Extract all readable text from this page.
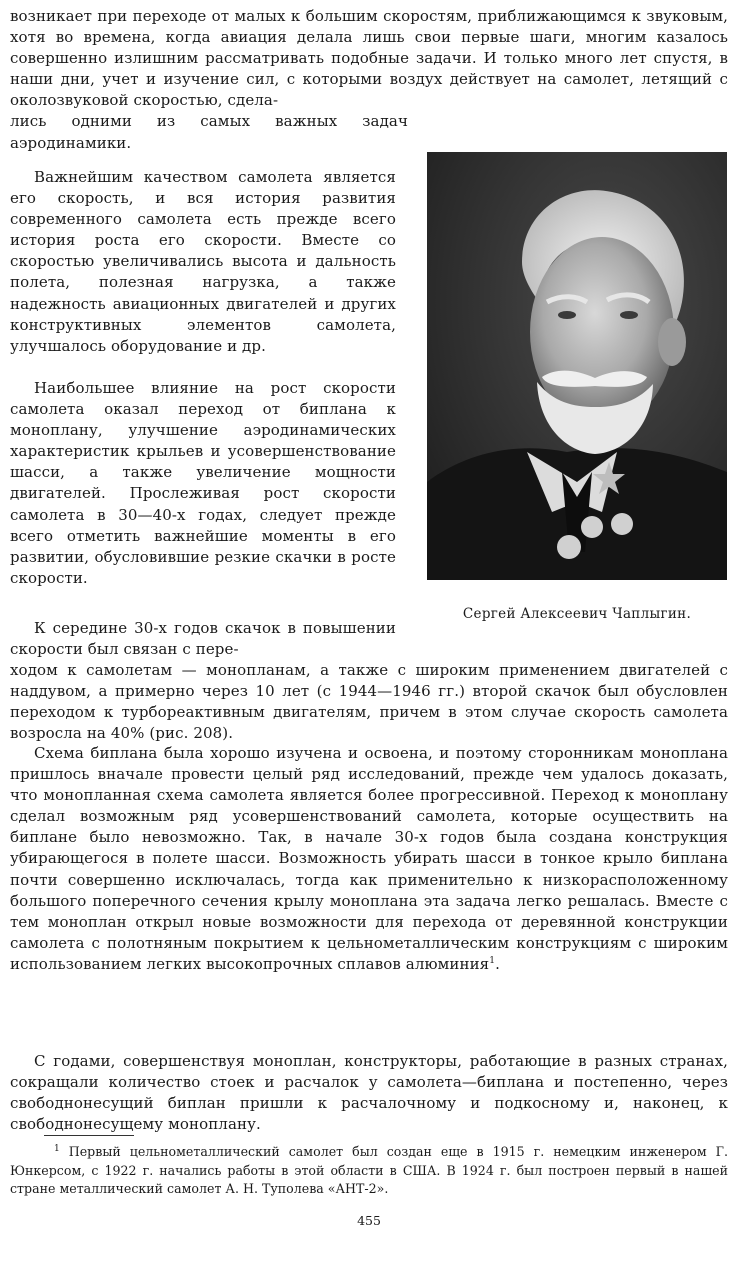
возникает при переходе от малых к большим скоростям, приближающимся к звуковым, хотя во времена, когда авиация делала лишь свои первые шаги, многим казалось совершенно излишним рассматривать подобные задачи. И только много лет спустя, в наши дни, учет и изучение сил, с которыми воздух действует на самолет, летящий с околозвуковой скоростью, сдела-
лись одними из самых важных задач аэродинамики.

Важнейшим качеством самолета является его скорость, и вся история развития современного самолета есть прежде всего история роста его скорости. Вместе со скоростью увеличивались высота и дальность полета, полезная нагрузка, а также надежность авиационных двигателей и других конструктивных элементов самолета, улучшалось оборудование и др.

Наибольшее влияние на рост скорости самолета оказал переход от биплана к моноплану, улучшение аэродинамических характеристик крыльев и усовершенствование шасси, а также увеличение мощности двигателей. Прослеживая рост скорости самолета в 30—40-х годах, следует прежде всего отметить важнейшие моменты в его развитии, обусловившие резкие скачки в росте скорости.

К середине 30-х годов скачок в повышении скорости был связан с пере-
ходом к самолетам — монопланам, а также с широким применением двигателей с наддувом, а примерно через 10 лет (с 1944—1946 гг.) второй скачок был обусловлен переходом к турбореактивным двигателям, причем в этом случае скорость самолета возросла на 40% (рис. 208).

Схема биплана была хорошо изучена и освоена, и поэтому сторонникам моноплана пришлось вначале провести целый ряд исследований, прежде чем удалось доказать, что монопланная схема самолета является более прогрессивной. Переход к моноплану сделал возможным ряд усовершенствований самолета, которые осуществить на биплане было невозможно. Так, в начале 30-х годов была создана конструкция убирающегося в полете шасси. Возможность убирать шасси в тонкое крыло биплана почти совершенно исключалась, тогда как применительно к низкорасположенному большого поперечного сечения крылу моноплана эта задача легко решалась. Вместе с тем моноплан открыл новые возможности для перехода от деревянной конструкции самолета с полотняным покрытием к цельнометаллическим конструкциям с широким использованием легких высокопрочных сплавов алюминия$^1$.

С годами, совершенствуя моноплан, конструкторы, работающие в разных странах, сокращали количество стоек и расчалок у самолета—биплана и постепенно, через свободнонесущий биплан пришли к расчалочному и подкосному и, наконец, к свободнонесущему моноплану.

Сергей Алексеевич Чаплыгин.

$^1$ Первый цельнометаллический самолет был создан еще в 1915 г. немецким инженером Г. Юнкерсом, с 1922 г. начались работы в этой области в США. В 1924 г. был построен первый в нашей стране металлический самолет А. Н. Туполева «АНТ-2».

455
